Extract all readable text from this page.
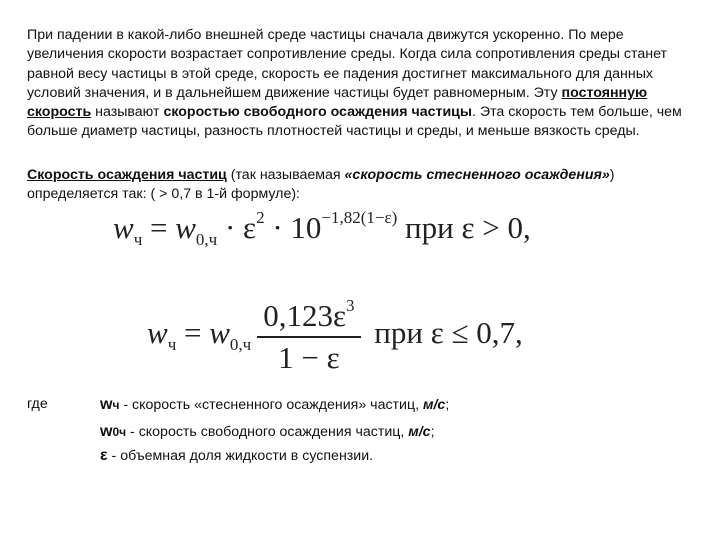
При падении в какой-либо внешней среде частицы сначала движутся ускоренно. По мере увеличения скорости возрастает сопротивление среды. Когда сила сопротивления среды станет равной весу частицы в этой среде, скорость ее падения достигнет максимального для данных условий значения, и в дальнейшем движение частицы будет равномерным. Эту постоянную скорость называют скоростью свободного осаждения частицы. Эта скорость тем больше, чем больше диаметр частицы, разность плотностей частицы и среды, и меньше вязкость среды.

Скорость осаждения частиц (так называемая «скорость стесненного осаждения») определяется так: ( > 0,7 в 1-й формуле):

$w_ч = w_{0,ч} \cdot \varepsilon^2 \cdot 10^{-1,82(1-\varepsilon)}$ при ε > 0,
$w_ч = w_{0,ч} \frac{0,123\varepsilon^3}{1 - \varepsilon}$ при ε ≤ 0,7,
где	wч - скорость «стесненного осаждения» частиц, м/с;
w0ч - скорость свободного осаждения частиц, м/с;
ε - объемная доля жидкости в суспензии.
